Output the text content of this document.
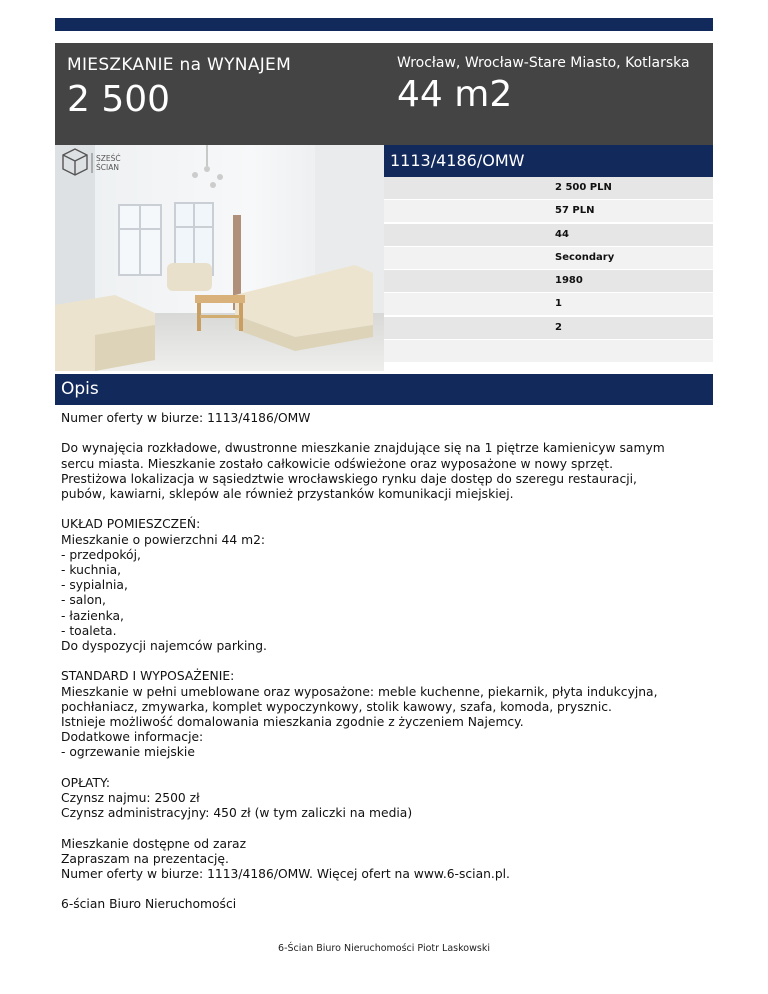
MIESZKANIE na WYNAJEM
2 500
Wrocław, Wrocław-Stare Miasto, Kotlarska
44 m2
SZEŚĆ
ŚCIAN	1113/4186/OMW
2 500 PLN
57 PLN
44
Secondary
1980
1
2
Opis

Numer oferty w biurze: 1113/4186/OMW

Do wynajęcia rozkładowe, dwustronne mieszkanie znajdujące się na 1 piętrze kamienicyw samym
sercu miasta. Mieszkanie zostało całkowicie odświeżone oraz wyposażone w nowy sprzęt.
Prestiżowa lokalizacja w sąsiedztwie wrocławskiego rynku daje dostęp do szeregu restauracji,
pubów, kawiarni, sklepów ale również przystanków komunikacji miejskiej.

UKŁAD POMIESZCZEŃ:
Mieszkanie o powierzchni 44 m2:
- przedpokój,
- kuchnia,
- sypialnia,
- salon,
- łazienka,
- toaleta.
Do dyspozycji najemców parking.

STANDARD I WYPOSAŻENIE:
Mieszkanie w pełni umeblowane oraz wyposażone: meble kuchenne, piekarnik, płyta indukcyjna,
pochłaniacz, zmywarka, komplet wypoczynkowy, stolik kawowy, szafa, komoda, prysznic.
Istnieje możliwość domalowania mieszkania zgodnie z życzeniem Najemcy.
Dodatkowe informacje:
- ogrzewanie miejskie

OPŁATY:
Czynsz najmu: 2500 zł
Czynsz administracyjny: 450 zł (w tym zaliczki na media)

Mieszkanie dostępne od zaraz
Zapraszam na prezentację.
Numer oferty w biurze: 1113/4186/OMW. Więcej ofert na www.6-scian.pl.

6-ścian Biuro Nieruchomości

6-Ścian Biuro Nieruchomości Piotr Laskowski
